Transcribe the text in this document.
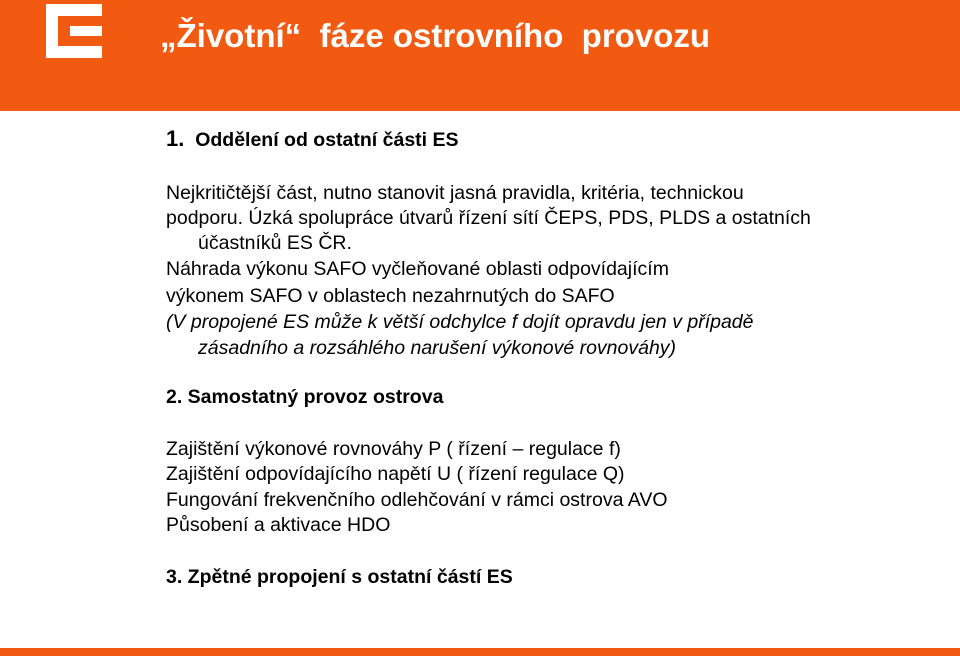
„Životní“  fáze ostrovního  provozu

1. Oddělení od ostatní části ES

Nejkritičtější část, nutno stanovit jasná pravidla, kritéria, technickou

podporu. Úzká spolupráce útvarů řízení sítí ČEPS, PDS, PLDS a ostatních

účastníků ES ČR.

Náhrada výkonu SAFO vyčleňované oblasti odpovídajícím

výkonem SAFO v oblastech nezahrnutých do SAFO

(V propojené ES může k větší odchylce f dojít opravdu jen v případě

zásadního a rozsáhlého narušení výkonové rovnováhy)

2. Samostatný provoz ostrova

Zajištění výkonové rovnováhy P ( řízení – regulace f)

Zajištění odpovídajícího napětí U ( řízení regulace Q)

Fungování frekvenčního odlehčování v rámci ostrova AVO

Působení a aktivace HDO

3. Zpětné propojení s ostatní částí ES
